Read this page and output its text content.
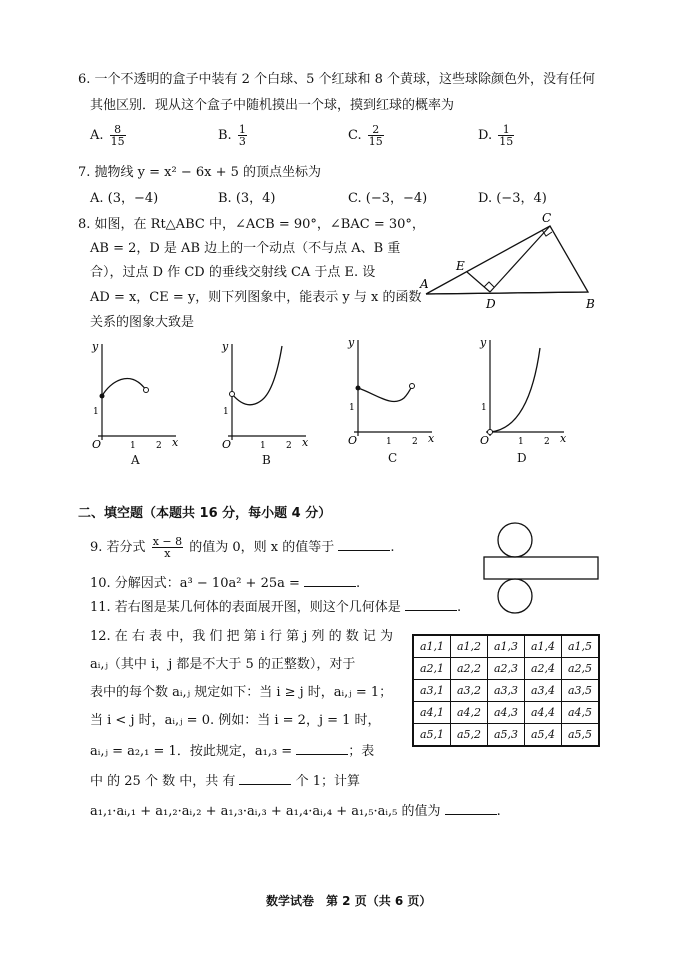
6. 一个不透明的盒子中装有 2 个白球、5 个红球和 8 个黄球，这些球除颜色外，没有任何
其他区别．现从这个盒子中随机摸出一个球，摸到红球的概率为
A. $\frac{8}{15}$	B. $\frac{1}{3}$	C. $\frac{2}{15}$	D. $\frac{1}{15}$
7. 抛物线 y = x² − 6x + 5 的顶点坐标为
A. (3，−4)	B. (3，4)	C. (−3，−4)	D. (−3，4)
8. 如图，在 Rt△ABC 中，∠ACB = 90°，∠BAC = 30°，
AB = 2，D 是 AB 边上的一个动点（不与点 A、B 重
合），过点 D 作 CD 的垂线交射线 CA 于点 E. 设
AD = x，CE = y，则下列图象中，能表示 y 与 x 的函数
关系的图象大致是
A
B
C
D
E
y
x
O	1 2
1
A
y
x
O	1 2
1
B
y
x
O	1 2
1
C
y
x
O	1 2
1
D
二、填空题（本题共 16 分，每小题 4 分）
9. 若分式 $\frac{x - 8}{x}$ 的值为 0，则 x 的值等于	.
10. 分解因式：a³ − 10a² + 25a =	.
11. 若右图是某几何体的表面展开图，则这个几何体是	.
12. 在 右 表 中，我 们 把 第 i 行 第 j 列 的 数 记 为
aᵢ,ⱼ（其中 i，j 都是不大于 5 的正整数），对于
表中的每个数 aᵢ,ⱼ 规定如下：当 i ≥ j 时，aᵢ,ⱼ = 1；
当 i < j 时，aᵢ,ⱼ = 0. 例如：当 i = 2，j = 1 时，
aᵢ,ⱼ = a₂,₁ = 1．按此规定，a₁,₃ =	；表
中 的 25 个 数 中，共 有	个 1；计算
a₁,₁·aᵢ,₁ + a₁,₂·aᵢ,₂ + a₁,₃·aᵢ,₃ + a₁,₄·aᵢ,₄ + a₁,₅·aᵢ,₅ 的值为	.
a1,1	a1,2	a1,3	a1,4	a1,5
a2,1	a2,2	a2,3	a2,4	a2,5
a3,1	a3,2	a3,3	a3,4	a3,5
a4,1	a4,2	a4,3	a4,4	a4,5
a5,1	a5,2	a5,3	a5,4	a5,5
数学试卷　第 2 页（共 6 页）
